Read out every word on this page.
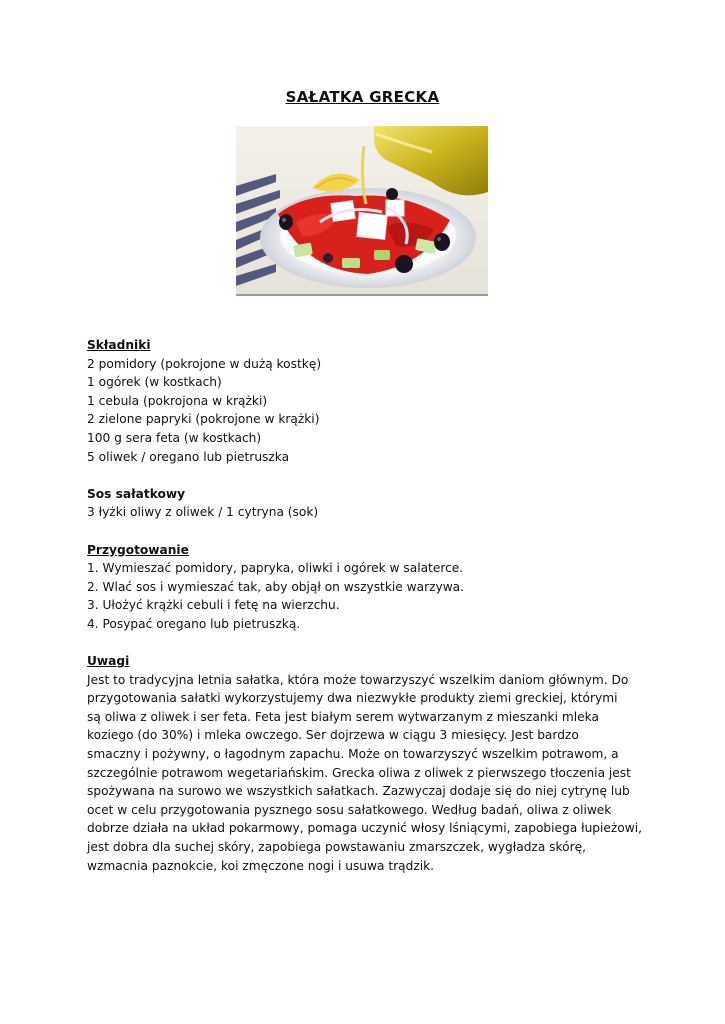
SAŁATKA GRECKA
Składniki
2 pomidory (pokrojone w dużą kostkę)
1 ogórek (w kostkach)
1 cebula (pokrojona w krążki)
2 zielone papryki (pokrojone w krążki)
100 g sera feta (w kostkach)
5 oliwek / oregano lub pietruszka
Sos sałatkowy
3 łyżki oliwy z oliwek / 1 cytryna (sok)
Przygotowanie
1. Wymieszać pomidory, papryka, oliwki i ogórek w salaterce.
2. Wlać sos i wymieszać tak, aby objął on wszystkie warzywa.
3. Ułożyć krążki cebuli i fetę na wierzchu.
4. Posypać oregano lub pietruszką.
Uwagi
Jest to tradycyjna letnia sałatka, która może towarzyszyć wszelkim daniom głównym. Do
przygotowania sałatki wykorzystujemy dwa niezwykłe produkty ziemi greckiej, którymi
są oliwa z oliwek i ser feta. Feta jest białym serem wytwarzanym z mieszanki mleka
koziego (do 30%) i mleka owczego. Ser dojrzewa w ciągu 3 miesięcy. Jest bardzo
smaczny i pożywny, o łagodnym zapachu. Może on towarzyszyć wszelkim potrawom, a
szczególnie potrawom wegetariańskim. Grecka oliwa z oliwek z pierwszego tłoczenia jest
spożywana na surowo we wszystkich sałatkach. Zazwyczaj dodaje się do niej cytrynę lub
ocet w celu przygotowania pysznego sosu sałatkowego. Według badań, oliwa z oliwek
dobrze działa na układ pokarmowy, pomaga uczynić włosy lśniącymi, zapobiega łupieżowi,
jest dobra dla suchej skóry, zapobiega powstawaniu zmarszczek, wygładza skórę,
wzmacnia paznokcie, koi zmęczone nogi i usuwa trądzik.
